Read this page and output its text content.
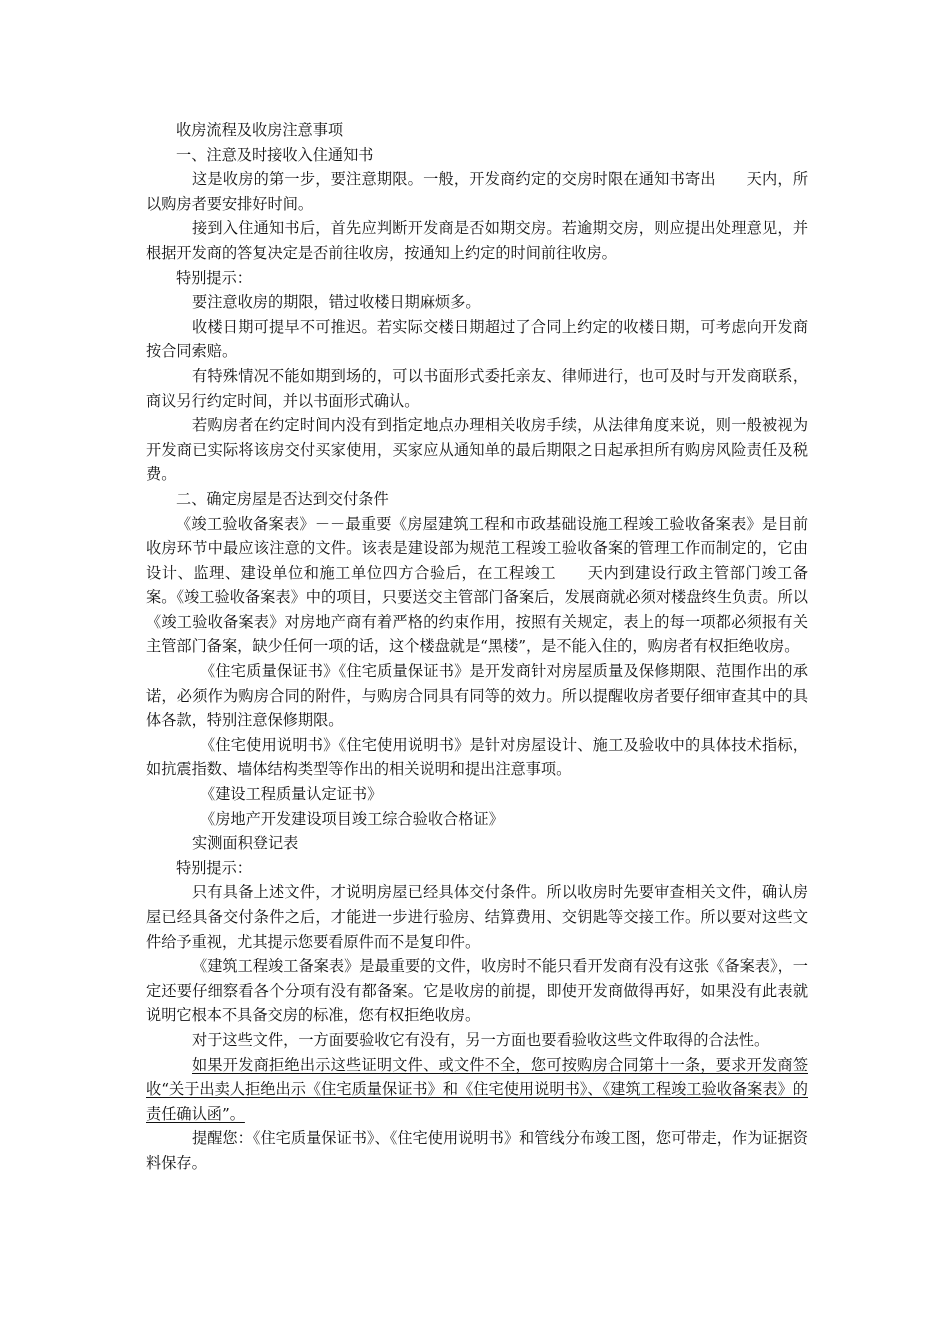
收房流程及收房注意事项

一、注意及时接收入住通知书

这是收房的第一步，要注意期限。一般，开发商约定的交房时限在通知书寄出　　天内，所以购房者要安排好时间。

接到入住通知书后，首先应判断开发商是否如期交房。若逾期交房，则应提出处理意见，并根据开发商的答复决定是否前往收房，按通知上约定的时间前往收房。

特别提示：

要注意收房的期限，错过收楼日期麻烦多。

收楼日期可提早不可推迟。若实际交楼日期超过了合同上约定的收楼日期，可考虑向开发商按合同索赔。

有特殊情况不能如期到场的，可以书面形式委托亲友、律师进行，也可及时与开发商联系，商议另行约定时间，并以书面形式确认。

若购房者在约定时间内没有到指定地点办理相关收房手续，从法律角度来说，则一般被视为开发商已实际将该房交付买家使用，买家应从通知单的最后期限之日起承担所有购房风险责任及税费。

二、确定房屋是否达到交付条件

《竣工验收备案表》－－最重要《房屋建筑工程和市政基础设施工程竣工验收备案表》是目前收房环节中最应该注意的文件。该表是建设部为规范工程竣工验收备案的管理工作而制定的，它由设计、监理、建设单位和施工单位四方合验后，在工程竣工　　天内到建设行政主管部门竣工备案。《竣工验收备案表》中的项目，只要送交主管部门备案后，发展商就必须对楼盘终生负责。所以《竣工验收备案表》对房地产商有着严格的约束作用，按照有关规定，表上的每一项都必须报有关主管部门备案，缺少任何一项的话，这个楼盘就是“黑楼”，是不能入住的，购房者有权拒绝收房。

《住宅质量保证书》《住宅质量保证书》是开发商针对房屋质量及保修期限、范围作出的承诺，必须作为购房合同的附件，与购房合同具有同等的效力。所以提醒收房者要仔细审查其中的具体各款，特别注意保修期限。

《住宅使用说明书》《住宅使用说明书》是针对房屋设计、施工及验收中的具体技术指标，如抗震指数、墙体结构类型等作出的相关说明和提出注意事项。

《建设工程质量认定证书》

《房地产开发建设项目竣工综合验收合格证》

实测面积登记表

特别提示：

只有具备上述文件，才说明房屋已经具体交付条件。所以收房时先要审查相关文件，确认房屋已经具备交付条件之后，才能进一步进行验房、结算费用、交钥匙等交接工作。所以要对这些文件给予重视，尤其提示您要看原件而不是复印件。

《建筑工程竣工备案表》是最重要的文件，收房时不能只看开发商有没有这张《备案表》，一定还要仔细察看各个分项有没有都备案。它是收房的前提，即使开发商做得再好，如果没有此表就说明它根本不具备交房的标准，您有权拒绝收房。

对于这些文件，一方面要验收它有没有，另一方面也要看验收这些文件取得的合法性。

如果开发商拒绝出示这些证明文件、或文件不全，您可按购房合同第十一条，要求开发商签收“关于出卖人拒绝出示《住宅质量保证书》和《住宅使用说明书》、《建筑工程竣工验收备案表》的责任确认函”。

提醒您：《住宅质量保证书》、《住宅使用说明书》和管线分布竣工图，您可带走，作为证据资料保存。
